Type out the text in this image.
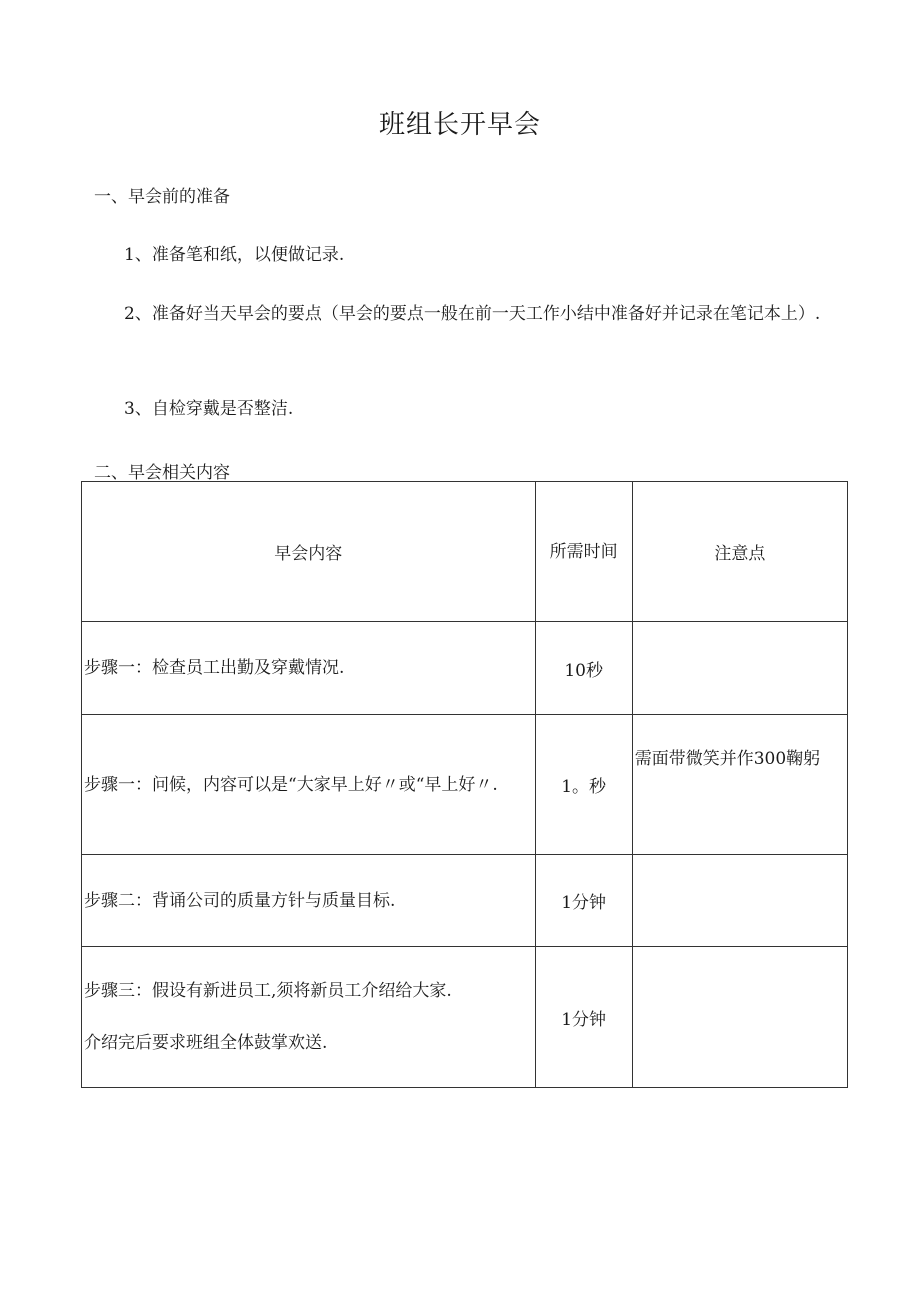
班组长开早会
一、早会前的准备
1、准备笔和纸，以便做记录.
2、准备好当天早会的要点（早会的要点一般在前一天工作小结中准备好并记录在笔记本上）.
3、自检穿戴是否整洁.
二、早会相关内容
早会内容	所需时间	注意点

步骤一：检查员工出勤及穿戴情况.	10秒	

步骤一：问候，内容可以是“大家早上好〃或“早上好〃.	1。秒	需面带微笑并作300鞠躬

步骤二：背诵公司的质量方针与质量目标.	1分钟	

步骤三：假设有新进员工,须将新员工介绍给大家.
介绍完后要求班组全体鼓掌欢送.	1分钟	
